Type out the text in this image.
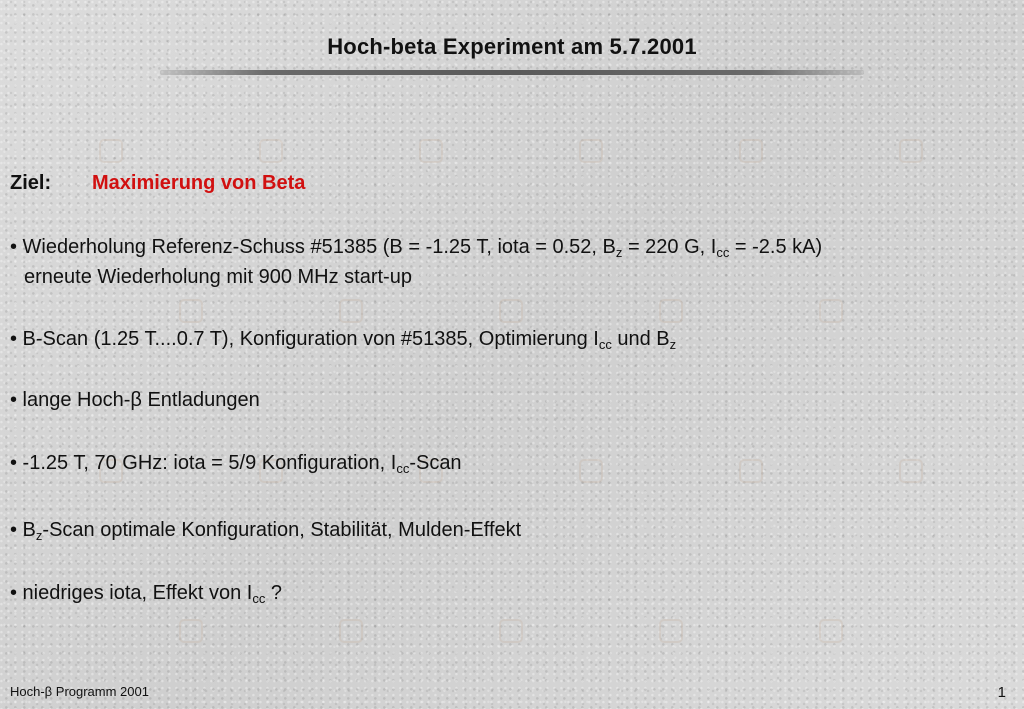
Hoch-beta Experiment am 5.7.2001
Ziel: Maximierung von Beta
• Wiederholung Referenz-Schuss #51385 (B = -1.25 T, iota = 0.52, $B_z = 220$ G, $I_{cc} = -2.5$ kA)
erneute Wiederholung mit 900 MHz start-up
• B-Scan (1.25 T....0.7 T), Konfiguration von #51385, Optimierung $I_{cc}$ und $B_z$
• lange Hoch-β Entladungen
• -1.25 T, 70 GHz: iota = 5/9 Konfiguration, $I_{cc}$-Scan
• $B_z$-Scan optimale Konfiguration, Stabilität, Mulden-Effekt
• niedriges iota, Effekt von $I_{cc}$ ?
Hoch-β Programm 2001	1
